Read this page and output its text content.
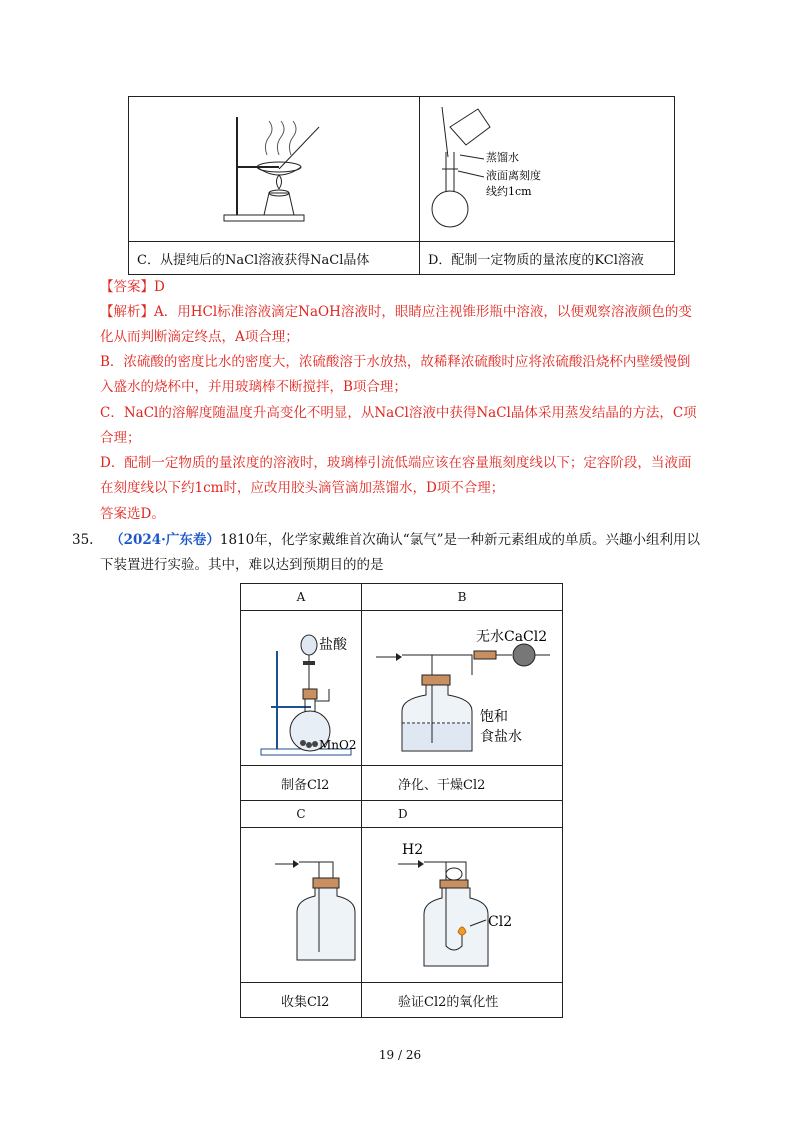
蒸馏水
液面离刻度
线约1cm

C．从提纯后的NaCl溶液获得NaCl晶体	D．配制一定物质的量浓度的KCl溶液
【答案】D
【解析】A．用HCl标准溶液滴定NaOH溶液时，眼睛应注视锥形瓶中溶液，以便观察溶液颜色的变
化从而判断滴定终点，A项合理；
B．浓硫酸的密度比水的密度大，浓硫酸溶于水放热，故稀释浓硫酸时应将浓硫酸沿烧杯内壁缓慢倒
入盛水的烧杯中，并用玻璃棒不断搅拌，B项合理；
C．NaCl的溶解度随温度升高变化不明显，从NaCl溶液中获得NaCl晶体采用蒸发结晶的方法，C项
合理；
D．配制一定物质的量浓度的溶液时，玻璃棒引流低端应该在容量瓶刻度线以下；定容阶段，当液面
在刻度线以下约1cm时，应改用胶头滴管滴加蒸馏水，D项不合理；
答案选D。
35. （2024·广东卷）1810年，化学家戴维首次确认“氯气”是一种新元素组成的单质。兴趣小组利用以
下装置进行实验。其中，难以达到预期目的的是
A	B

盐酸
MnO2	无水CaCl2
饱和
食盐水

制备Cl2	净化、干燥Cl2
C	D

H2
Cl2

收集Cl2	验证Cl2的氧化性
19 / 26
